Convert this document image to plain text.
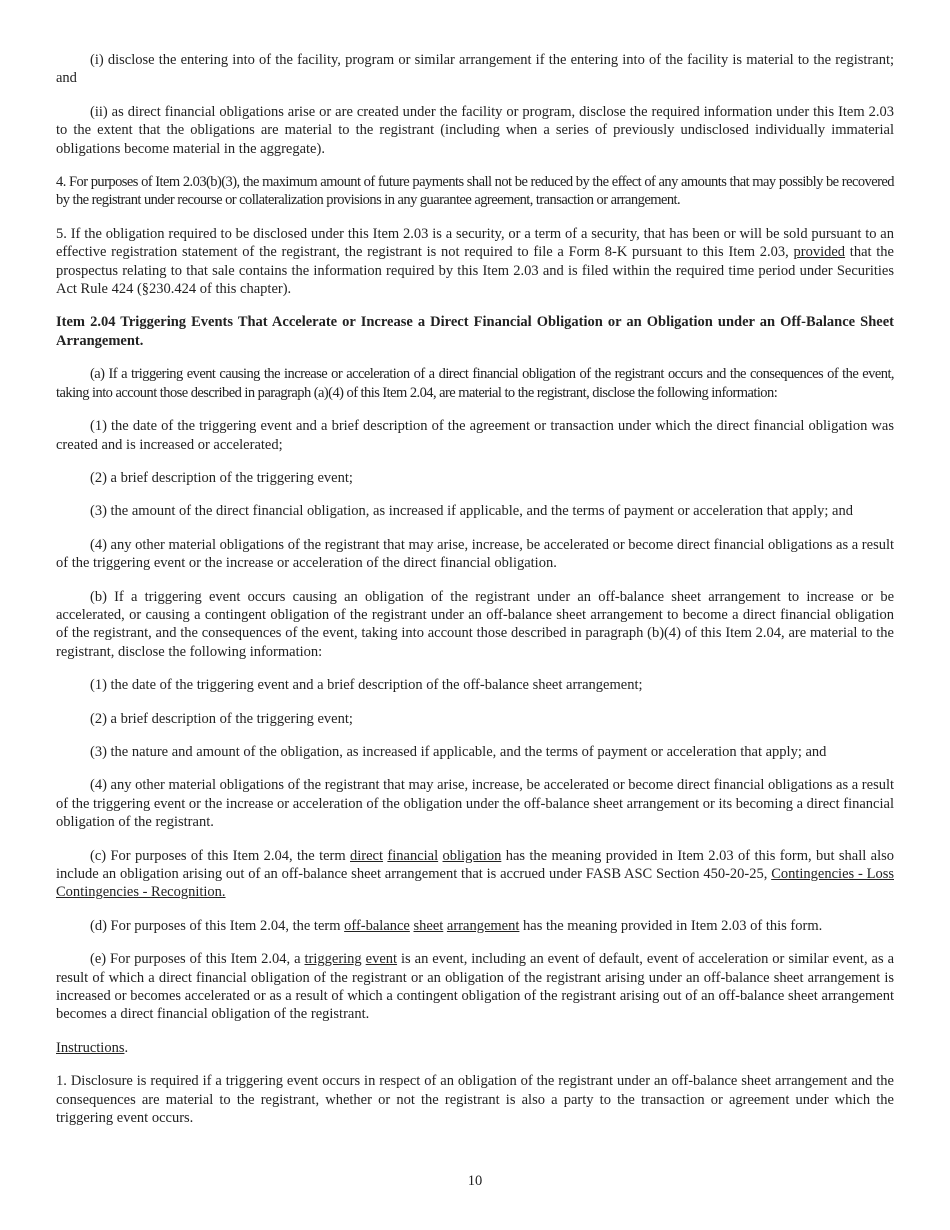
(i) disclose the entering into of the facility, program or similar arrangement if the entering into of the facility is material to the registrant; and

(ii) as direct financial obligations arise or are created under the facility or program, disclose the required information under this Item 2.03 to the extent that the obligations are material to the registrant (including when a series of previously undisclosed individually immaterial obligations become material in the aggregate).

4. For purposes of Item 2.03(b)(3), the maximum amount of future payments shall not be reduced by the effect of any amounts that may possibly be recovered by the registrant under recourse or collateralization provisions in any guarantee agreement, transaction or arrangement.

5. If the obligation required to be disclosed under this Item 2.03 is a security, or a term of a security, that has been or will be sold pursuant to an effective registration statement of the registrant, the registrant is not required to file a Form 8-K pursuant to this Item 2.03, provided that the prospectus relating to that sale contains the information required by this Item 2.03 and is filed within the required time period under Securities Act Rule 424 (§230.424 of this chapter).

Item 2.04 Triggering Events That Accelerate or Increase a Direct Financial Obligation or an Obligation under an Off-Balance Sheet Arrangement.

(a) If a triggering event causing the increase or acceleration of a direct financial obligation of the registrant occurs and the consequences of the event, taking into account those described in paragraph (a)(4) of this Item 2.04, are material to the registrant, disclose the following information:

(1) the date of the triggering event and a brief description of the agreement or transaction under which the direct financial obligation was created and is increased or accelerated;

(2) a brief description of the triggering event;

(3) the amount of the direct financial obligation, as increased if applicable, and the terms of payment or acceleration that apply; and

(4) any other material obligations of the registrant that may arise, increase, be accelerated or become direct financial obligations as a result of the triggering event or the increase or acceleration of the direct financial obligation.

(b) If a triggering event occurs causing an obligation of the registrant under an off-balance sheet arrangement to increase or be accelerated, or causing a contingent obligation of the registrant under an off-balance sheet arrangement to become a direct financial obligation of the registrant, and the consequences of the event, taking into account those described in paragraph (b)(4) of this Item 2.04, are material to the registrant, disclose the following information:

(1) the date of the triggering event and a brief description of the off-balance sheet arrangement;

(2) a brief description of the triggering event;

(3) the nature and amount of the obligation, as increased if applicable, and the terms of payment or acceleration that apply; and

(4) any other material obligations of the registrant that may arise, increase, be accelerated or become direct financial obligations as a result of the triggering event or the increase or acceleration of the obligation under the off-balance sheet arrangement or its becoming a direct financial obligation of the registrant.

(c) For purposes of this Item 2.04, the term direct financial obligation has the meaning provided in Item 2.03 of this form, but shall also include an obligation arising out of an off-balance sheet arrangement that is accrued under FASB ASC Section 450-20-25, Contingencies - Loss Contingencies - Recognition.

(d) For purposes of this Item 2.04, the term off-balance sheet arrangement has the meaning provided in Item 2.03 of this form.

(e) For purposes of this Item 2.04, a triggering event is an event, including an event of default, event of acceleration or similar event, as a result of which a direct financial obligation of the registrant or an obligation of the registrant arising under an off-balance sheet arrangement is increased or becomes accelerated or as a result of which a contingent obligation of the registrant arising out of an off-balance sheet arrangement becomes a direct financial obligation of the registrant.

Instructions.

1. Disclosure is required if a triggering event occurs in respect of an obligation of the registrant under an off-balance sheet arrangement and the consequences are material to the registrant, whether or not the registrant is also a party to the transaction or agreement under which the triggering event occurs.

10
